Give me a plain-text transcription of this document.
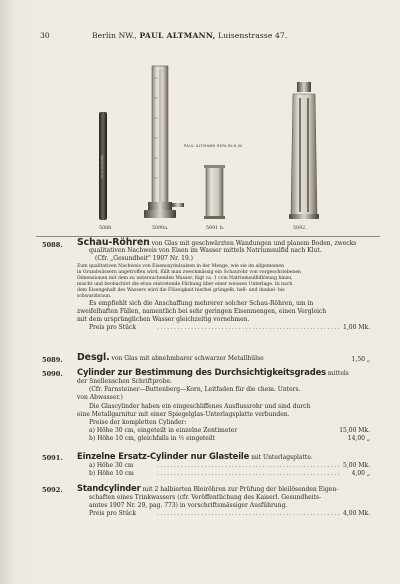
30	Berlin NW., PAUL ALTMANN, Luisenstrasse 47.
PAUL ALTMANN
PAUL ALTMANN BERLIN.N.W.
5088.	5090a.	5091 b.	5092.
5088. Schau-Röhren von Glas mit geschwärzten Wandungen und planem Boden, zwecks
qualitativen Nachweis von Eisen im Wasser mittels Natriumsulfid nach Klut.
(Cfr. „Gesundheit" 1907 Nr. 19.)
Zum qualitativen Nachweis von Eisenoxydulsalzen in der Menge, wie sie im allgemeinen
in Grundwässern angetroffen wird, füllt man zweckmässig ein Schaurohr von vorgeschriebenen
Dimensionen mit dem zu untersuchenden Wasser, fügt ca. 1 ccm Natriumsulfidlösung hinzu,
mischt und beobachtet die etwa eintretende Färbung über einer weissen Unterlage. In nach
dem Eisengehalt des Wassers wird die Flüssigkeit hierbei grüngelb, hell- und dunkel- bis
schwarzbraun.
Es empfiehlt sich die Anschaffung mehrerer solcher Schau-Röhren, um in
zweifelhaften Fällen, namentlich bei sehr geringen Eisenmengen, einen Vergleich
mit dem ursprünglichen Wasser gleichzeitig vornehmen.
Preis pro Stück	...................................................... 1,00 Mk.
5089. Desgl. von Glas mit abnehmbarer schwarzer Metallhülse	1,50 „
5090. Cylinder zur Bestimmung des Durchsichtigkeitsgrades mittels
der Snellenschen Schriftprobe.
(Cfr. Farnsteiner—Buttenberg—Korn, Leitfaden für die chem. Unters.
von Abwasser.)
Die Glascylinder haben ein eingeschliffenes Ausflussrohr und sind durch
eine Metallgarnitur mit einer Spiegelglas-Unterlagsplatte verbunden.
Preise der kompletten Cylinder:
a) Höhe 30 cm, eingeteilt in einzelne Zentimeter	15,00 Mk.
b) Höhe 10 cm, gleichfalls in ½ eingeteilt	14,00 „
5091. Einzelne Ersatz-Cylinder nur Glasteile mit Unterlagsplatte.
a) Höhe 30 cm	...................................................... 5,00 Mk.
b) Höhe 10 cm	...................................................... 4,00 „
5092. Standcylinder mit 2 halbierten Bleiröhren zur Prüfung der bleilösenden Eigen-
schaften eines Trinkwassers (cfr. Veröffentlichung des Kaiserl. Gesundheits-
amtes 1907 Nr. 29, pag. 773) in vorschriftsmässiger Ausführung.
Preis pro Stück	...................................................... 4,00 Mk.
